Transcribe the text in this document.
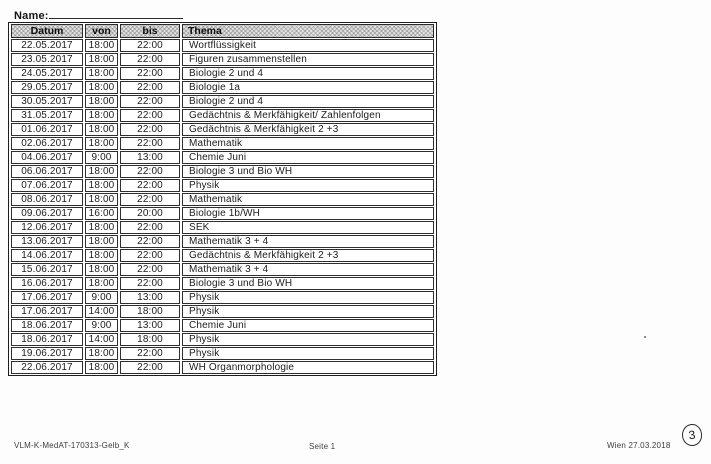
Name:
Datum	von	bis	Thema
22.05.2017	18:00	22:00	Wortflüssigkeit
23.05.2017	18:00	22:00	Figuren zusammenstellen
24.05.2017	18:00	22:00	Biologie 2 und 4
29.05.2017	18:00	22:00	Biologie 1a
30.05.2017	18:00	22:00	Biologie 2 und 4
31.05.2017	18:00	22:00	Gedächtnis & Merkfähigkeit/ Zahlenfolgen
01.06.2017	18:00	22:00	Gedächtnis & Merkfähigkeit 2 +3
02.06.2017	18:00	22:00	Mathematik
04.06.2017	9:00	13:00	Chemie Juni
06.06.2017	18:00	22:00	Biologie 3 und Bio WH
07.06.2017	18:00	22:00	Physik
08.06.2017	18:00	22:00	Mathematik
09.06.2017	16:00	20:00	Biologie 1b/WH
12.06.2017	18:00	22:00	SEK
13.06.2017	18:00	22:00	Mathematik 3 + 4
14.06.2017	18:00	22:00	Gedächtnis & Merkfähigkeit 2 +3
15.06.2017	18:00	22:00	Mathematik 3 + 4
16.06.2017	18:00	22:00	Biologie 3 und Bio WH
17.06.2017	9:00	13:00	Physik
17.06.2017	14:00	18:00	Physik
18.06.2017	9:00	13:00	Chemie Juni
18.06.2017	14:00	18:00	Physik
19.06.2017	18:00	22:00	Physik
22.06.2017	18:00	22:00	WH Organmorphologie
VLM-K-MedAT-170313-Gelb_K	Seite 1	Wien 27.03.2018
3
